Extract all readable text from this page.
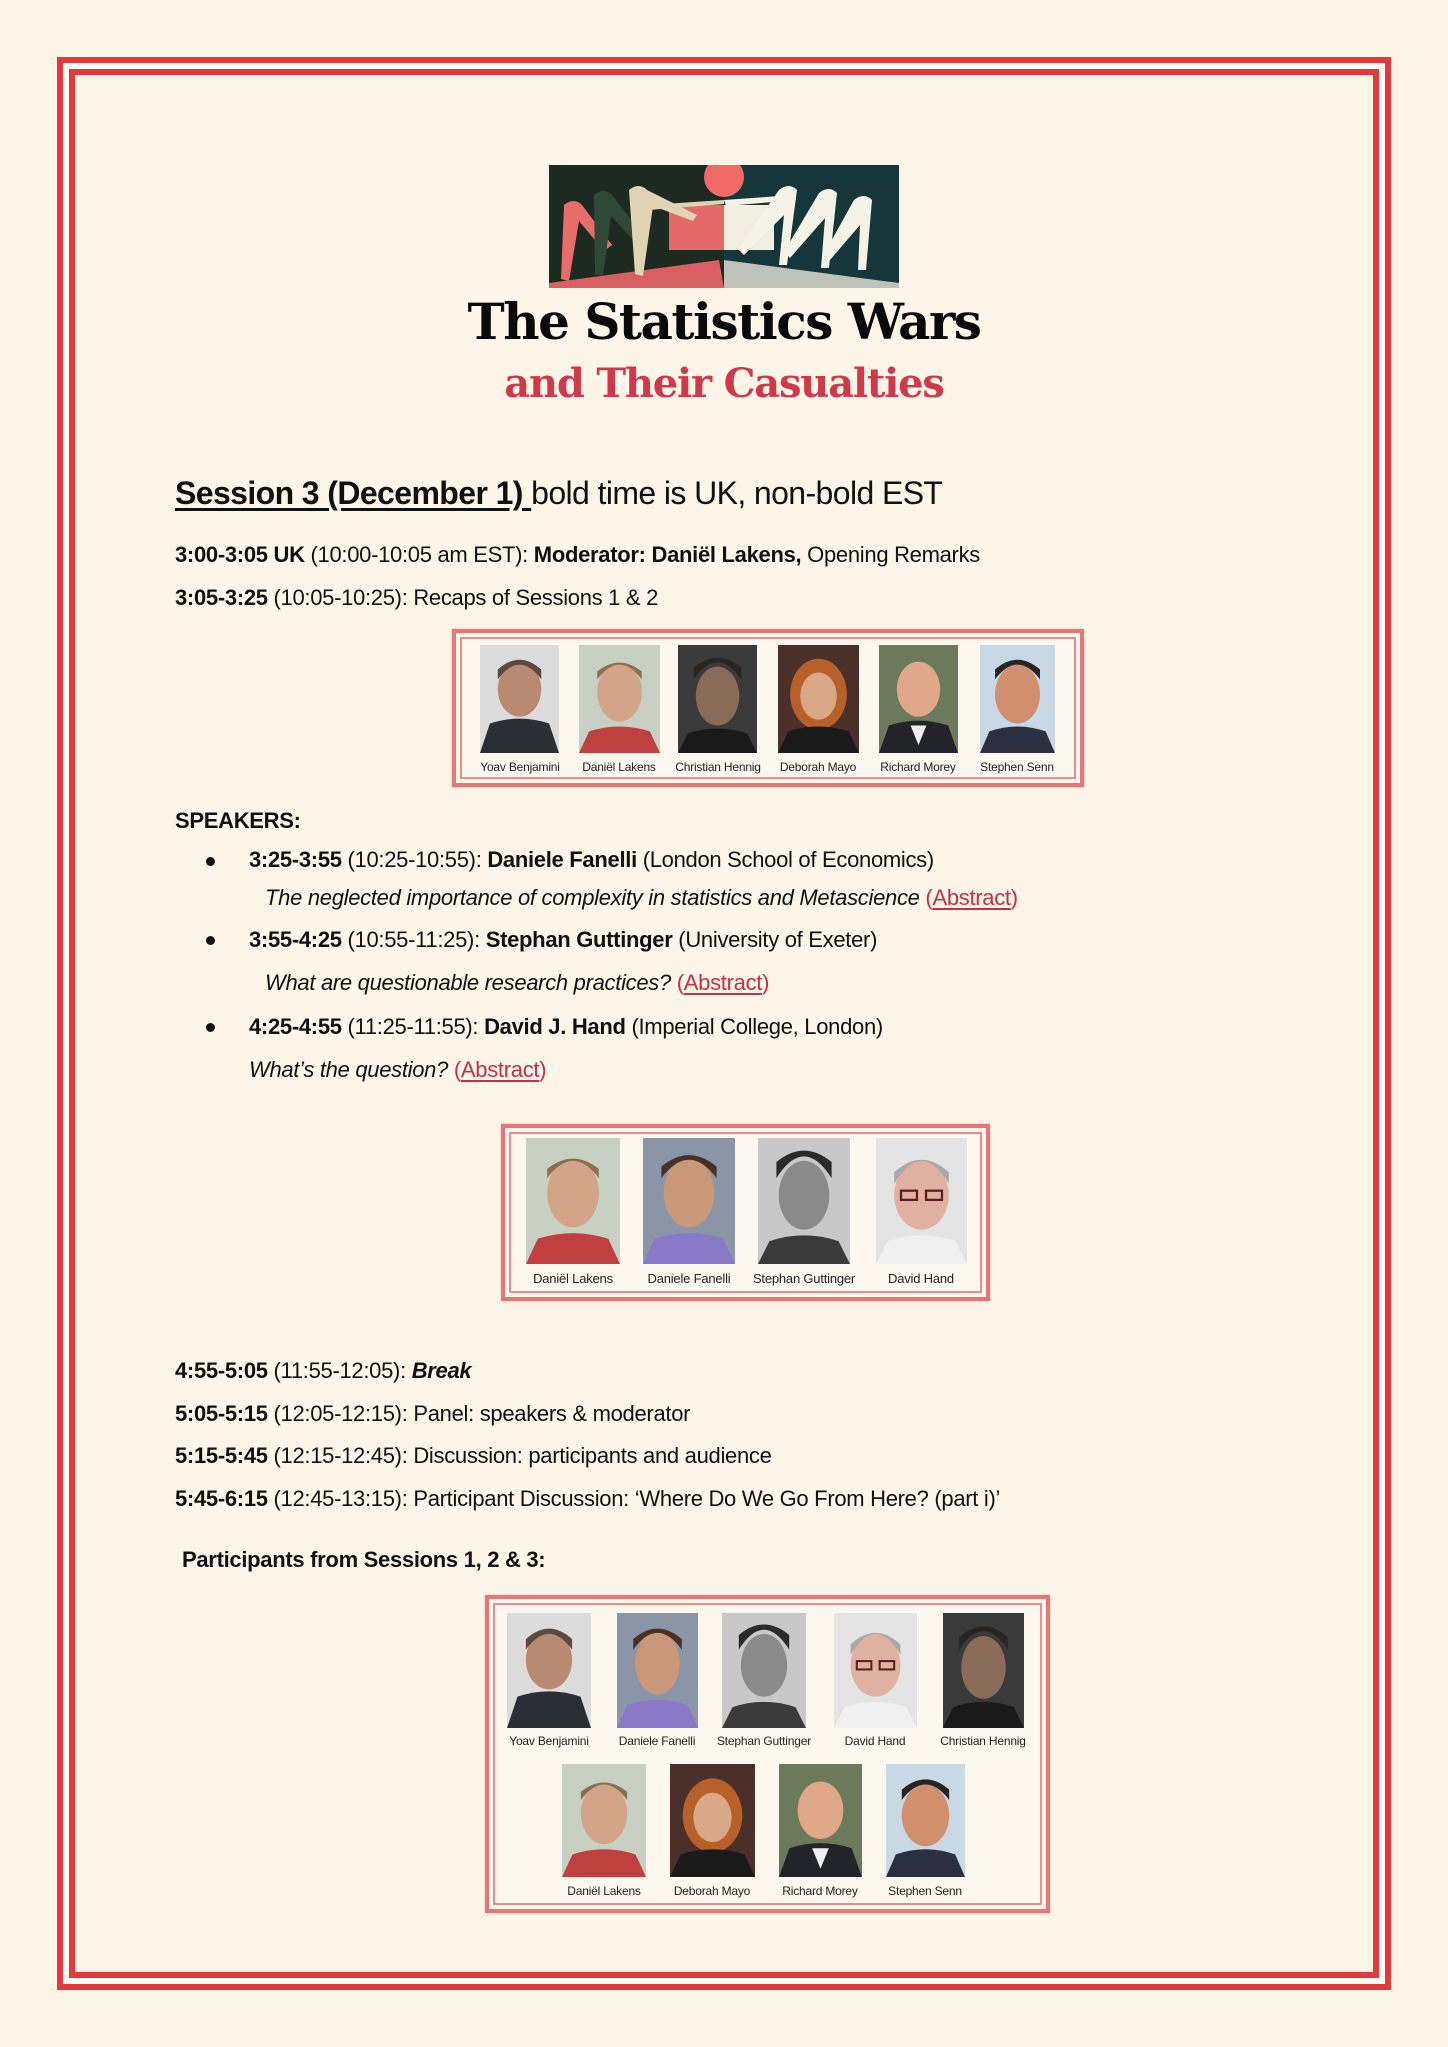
The Statistics Wars
and Their Casualties
Session 3 (December 1) bold time is UK, non-bold EST
3:00-3:05 UK (10:00-10:05 am EST): Moderator: Daniël Lakens, Opening Remarks
3:05-3:25 (10:05-10:25): Recaps of Sessions 1 & 2
Yoav Benjamini	Daniël Lakens	Christian Hennig	Deborah Mayo	Richard Morey	Stephen Senn
SPEAKERS:
3:25-3:55 (10:25-10:55): Daniele Fanelli (London School of Economics)
The neglected importance of complexity in statistics and Metascience (Abstract)
3:55-4:25 (10:55-11:25): Stephan Guttinger (University of Exeter)
What are questionable research practices? (Abstract)
4:25-4:55 (11:25-11:55): David J. Hand (Imperial College, London)
What’s the question? (Abstract)
Daniël Lakens	Daniele Fanelli	Stephan Guttinger	David Hand
4:55-5:05 (11:55-12:05): Break
5:05-5:15 (12:05-12:15): Panel: speakers & moderator
5:15-5:45 (12:15-12:45): Discussion: participants and audience
5:45-6:15 (12:45-13:15): Participant Discussion: ‘Where Do We Go From Here? (part i)’
Participants from Sessions 1, 2 & 3:
Yoav Benjamini	Daniele Fanelli	Stephan Guttinger	David Hand	Christian Hennig
Daniël Lakens	Deborah Mayo	Richard Morey	Stephen Senn
